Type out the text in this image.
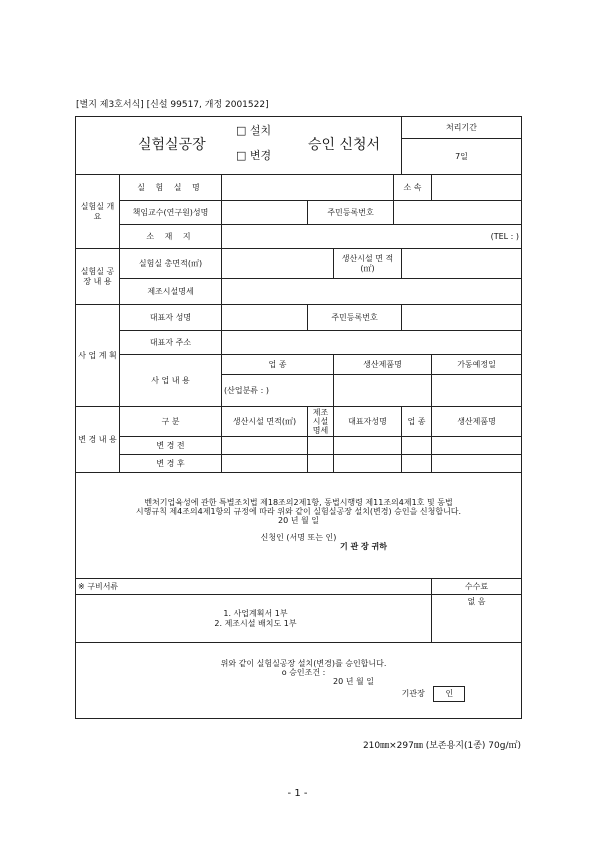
[별지 제3호서식] [신설 99517, 개정 2001522]
실험실공장
□ 설치
□ 변경
승인 신청서						처리기간	
						7일	
실험실 개 요	실 험 실 명				소 속		
	책임교수(연구원)성명		주민등록번호				
	소 재 지	(TEL : )					
실험실 공 장 내 용	실험실 총면적(㎡)			생산시설 면 적(㎡)			
	제조시설명세						
사 업 계 획	대표자 성명		주민등록번호				
	대표자 주소						
	사 업 내 용	업 종		생산제품명			가동예정일
		(산업분류 : )					
변 경 내 용	구 분	생산시설 면적(㎡)	제조시설명세	대표자성명		업 종	생산제품명
	변 경 전						
	변 경 후						

벤처기업육성에 관한 특별조치법 제18조의2제1항, 동법시행령 제11조의4제1호 및 동법
시행규칙 제4조의4제1항의 규정에 따라 위와 같이 실험실공장 설치(변경) 승인을 신청합니다.
20 년 월 일
신청인 (서명 또는 인)
기 관 장 귀하							

※ 구비서류							수수료

1. 사업계획서 1부
2. 제조시설 배치도 1부							없 음

위와 같이 실험실공장 설치(변경)를 승인합니다.
o 승인조건 :
20 년 월 일
기관장 인							
210㎜×297㎜ (보존용지(1종) 70g/㎡)
- 1 -
